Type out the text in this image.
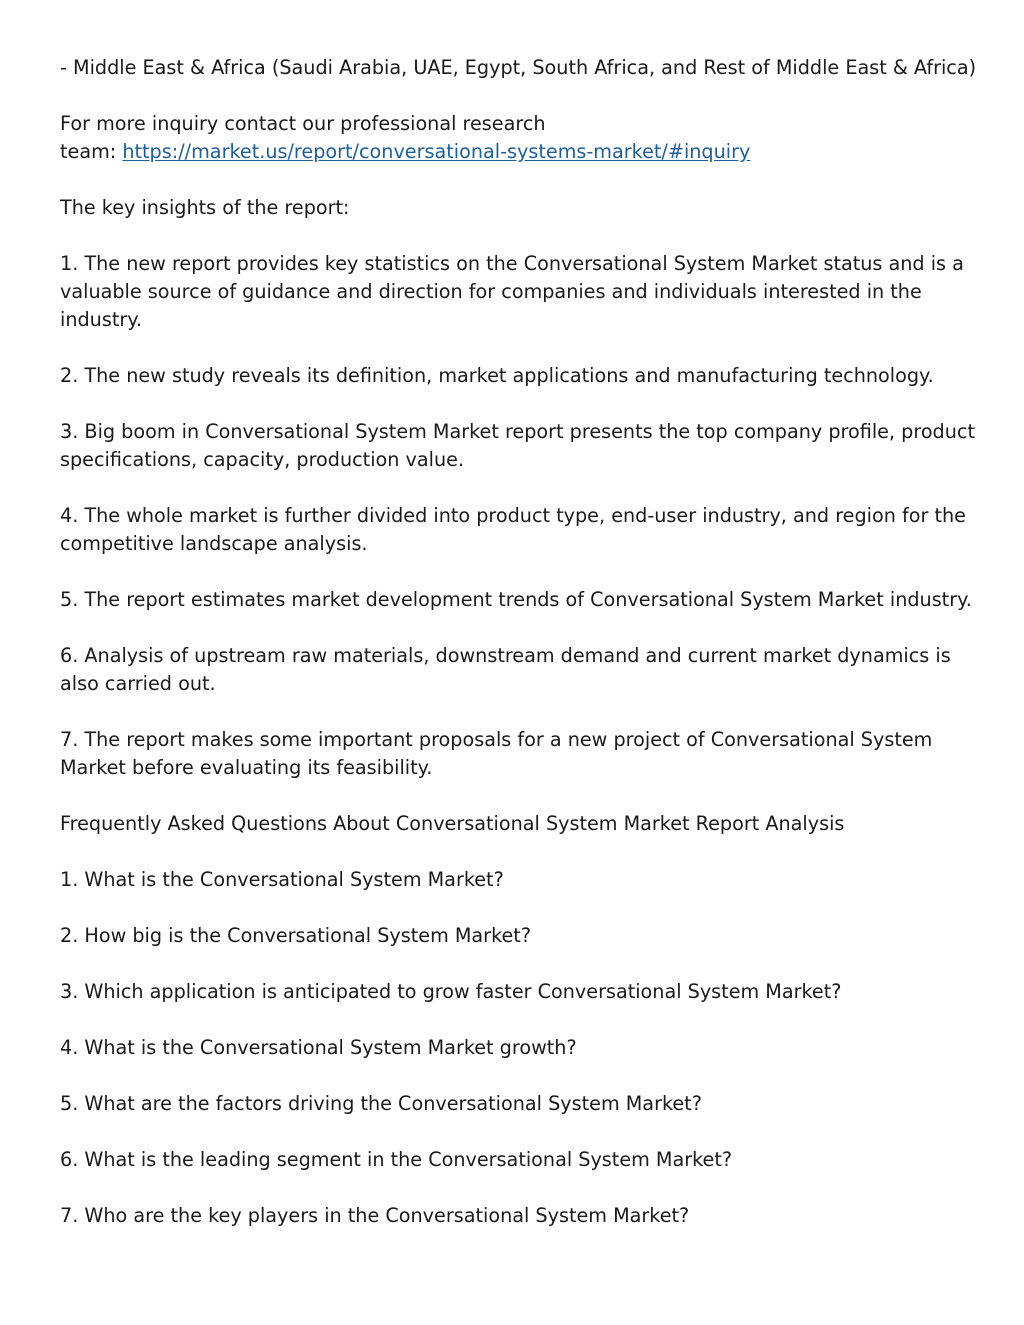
- Middle East & Africa (Saudi Arabia, UAE, Egypt, South Africa, and Rest of Middle East & Africa)

For more inquiry contact our professional research
team: https://market.us/report/conversational-systems-market/#inquiry

The key insights of the report:

1. The new report provides key statistics on the Conversational System Market status and is a valuable source of guidance and direction for companies and individuals interested in the industry.

2. The new study reveals its definition, market applications and manufacturing technology.

3. Big boom in Conversational System Market report presents the top company profile, product specifications, capacity, production value.

4. The whole market is further divided into product type, end-user industry, and region for the competitive landscape analysis.

5. The report estimates market development trends of Conversational System Market industry.

6. Analysis of upstream raw materials, downstream demand and current market dynamics is also carried out.

7. The report makes some important proposals for a new project of Conversational System Market before evaluating its feasibility.

Frequently Asked Questions About Conversational System Market Report Analysis

1. What is the Conversational System Market?

2. How big is the Conversational System Market?

3. Which application is anticipated to grow faster Conversational System Market?

4. What is the Conversational System Market growth?

5. What are the factors driving the Conversational System Market?

6. What is the leading segment in the Conversational System Market?

7. Who are the key players in the Conversational System Market?
